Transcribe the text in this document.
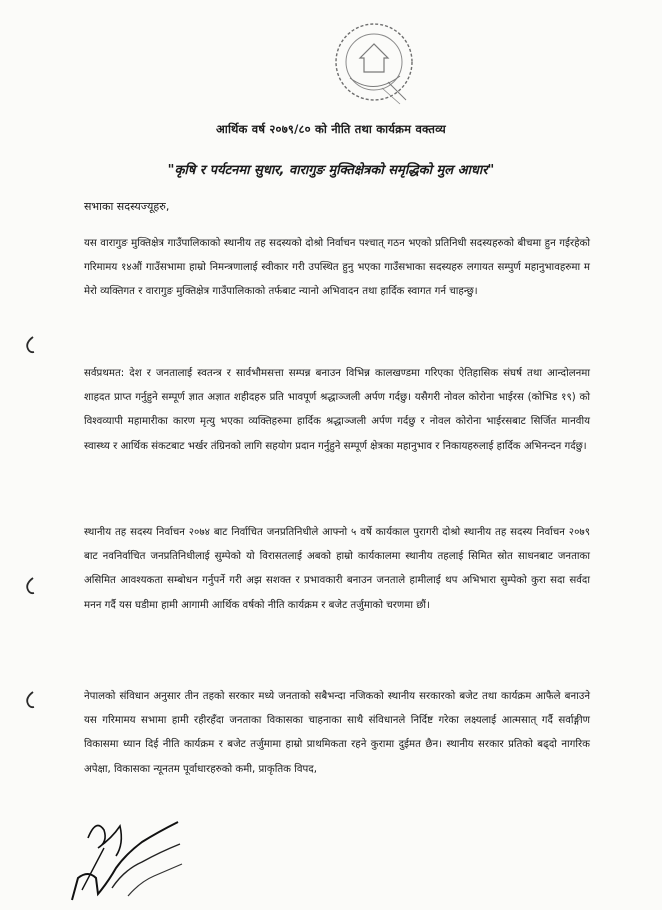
आर्थिक वर्ष २०७९/८० को नीति तथा कार्यक्रम वक्तव्य
"कृषि र पर्यटनमा सुधार, वारागुङ मुक्तिक्षेत्रको समृद्धिको मुल आधार"
सभाका सदस्यज्यूहरु,

यस वारागुङ मुक्तिक्षेत्र गाउँपालिकाको स्थानीय तह सदस्यको दोश्रो निर्वाचन पश्चात् गठन भएको प्रतिनिधी सदस्यहरुको बीचमा हुन गईरहेको गरिमामय १४औं गाउँसभामा हाम्रो निमन्त्रणालाई स्वीकार गरी उपस्थित हुनु भएका गाउँसभाका सदस्यहरु लगायत सम्पुर्ण महानुभावहरुमा म मेरो व्यक्तिगत र वारागुङ मुक्तिक्षेत्र गाउँपालिकाको तर्फबाट न्यानो अभिवादन तथा हार्दिक स्वागत गर्न चाहन्छु।

सर्वप्रथमत: देश र जनतालाई स्वतन्त्र र सार्वभौमसत्ता सम्पन्न बनाउन विभिन्न कालखण्डमा गरिएका ऐतिहासिक संघर्ष तथा आन्दोलनमा शाहदत प्राप्त गर्नुहुने सम्पूर्ण ज्ञात अज्ञात शहीदहरु प्रति भावपूर्ण श्रद्धाञ्जली अर्पण गर्दछु। यसैगरी नोवल कोरोना भाईरस (कोभिड १९) को विश्वव्यापी महामारीका कारण मृत्यु भएका व्यक्तिहरुमा हार्दिक श्रद्धाञ्जली अर्पण गर्दछु र नोवल कोरोना भाईरसबाट सिर्जित मानवीय स्वास्थ्य र आर्थिक संकटबाट भर्खर तंग्रिनको लागि सहयोग प्रदान गर्नुहुने सम्पूर्ण क्षेत्रका महानुभाव र निकायहरुलाई हार्दिक अभिनन्दन गर्दछु।

स्थानीय तह सदस्य निर्वाचन २०७४ बाट निर्वाचित जनप्रतिनिधीले आफ्नो ५ वर्षे कार्यकाल पुरागरी दोश्रो स्थानीय तह सदस्य निर्वाचन २०७९ बाट नवनिर्वाचित जनप्रतिनिधीलाई सुम्पेको यो विरासतलाई अबको हाम्रो कार्यकालमा स्थानीय तहलाई सिमित स्रोत साधनबाट जनताका असिमित आवश्यकता सम्बोधन गर्नुपर्ने गरी अझ सशक्त र प्रभावकारी बनाउन जनताले हामीलाई थप अभिभारा सुम्पेको कुरा सदा सर्वदा मनन गर्दै यस घडीमा हामी आगामी आर्थिक वर्षको नीति कार्यक्रम र बजेट तर्जुमाको चरणमा छौं।

नेपालको संविधान अनुसार तीन तहको सरकार मध्ये जनताको सबैभन्दा नजिकको स्थानीय सरकारको बजेट तथा कार्यक्रम आफैले बनाउने यस गरिमामय सभामा हामी रहीरहँदा जनताका विकासका चाहनाका साथै संविधानले निर्दिष्ट गरेका लक्ष्यलाई आत्मसात् गर्दै सर्वाङ्गीण विकासमा ध्यान दिई नीति कार्यक्रम र बजेट तर्जुमामा हाम्रो प्राथमिकता रहने कुरामा दुईमत छैन। स्थानीय सरकार प्रतिको बढ्दो नागरिक अपेक्षा, विकासका न्यूनतम पूर्वाधारहरुको कमी, प्राकृतिक विपद,
